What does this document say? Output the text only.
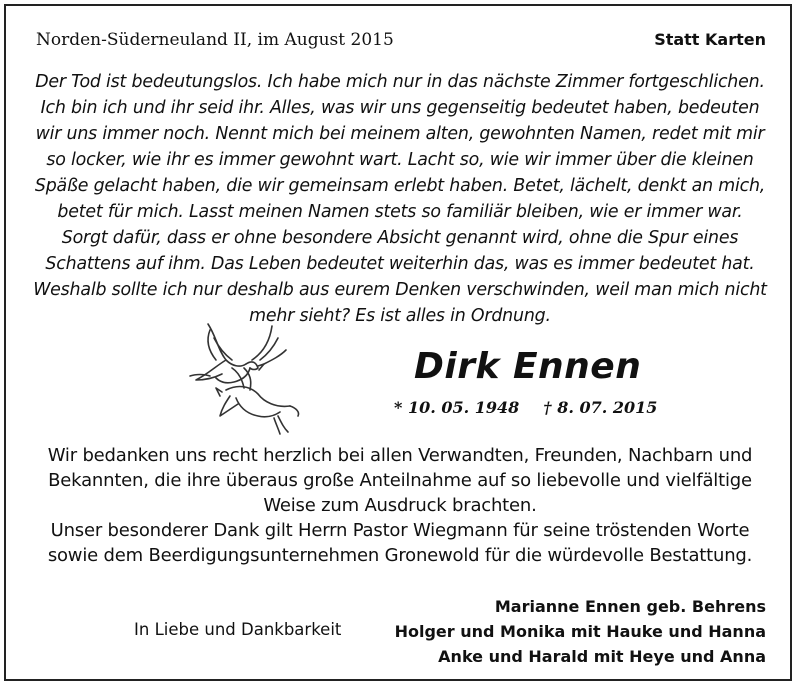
Norden-Süderneuland II, im August 2015	Statt Karten
Der Tod ist bedeutungslos. Ich habe mich nur in das nächste Zimmer fortgeschlichen.
Ich bin ich und ihr seid ihr. Alles, was wir uns gegenseitig bedeutet haben, bedeuten
wir uns immer noch. Nennt mich bei meinem alten, gewohnten Namen, redet mit mir
so locker, wie ihr es immer gewohnt wart. Lacht so, wie wir immer über die kleinen
Späße gelacht haben, die wir gemeinsam erlebt haben. Betet, lächelt, denkt an mich,
betet für mich. Lasst meinen Namen stets so familiär bleiben, wie er immer war.
Sorgt dafür, dass er ohne besondere Absicht genannt wird, ohne die Spur eines
Schattens auf ihm. Das Leben bedeutet weiterhin das, was es immer bedeutet hat.
Weshalb sollte ich nur deshalb aus eurem Denken verschwinden, weil man mich nicht
mehr sieht? Es ist alles in Ordnung.
Dirk Ennen
* 10. 05. 1948 † 8. 07. 2015
Wir bedanken uns recht herzlich bei allen Verwandten, Freunden, Nachbarn und
Bekannten, die ihre überaus große Anteilnahme auf so liebevolle und vielfältige
Weise zum Ausdruck brachten.
Unser besonderer Dank gilt Herrn Pastor Wiegmann für seine tröstenden Worte
sowie dem Beerdigungsunternehmen Gronewold für die würdevolle Bestattung.
In Liebe und Dankbarkeit
Marianne Ennen geb. Behrens
Holger und Monika mit Hauke und Hanna
Anke und Harald mit Heye und Anna
